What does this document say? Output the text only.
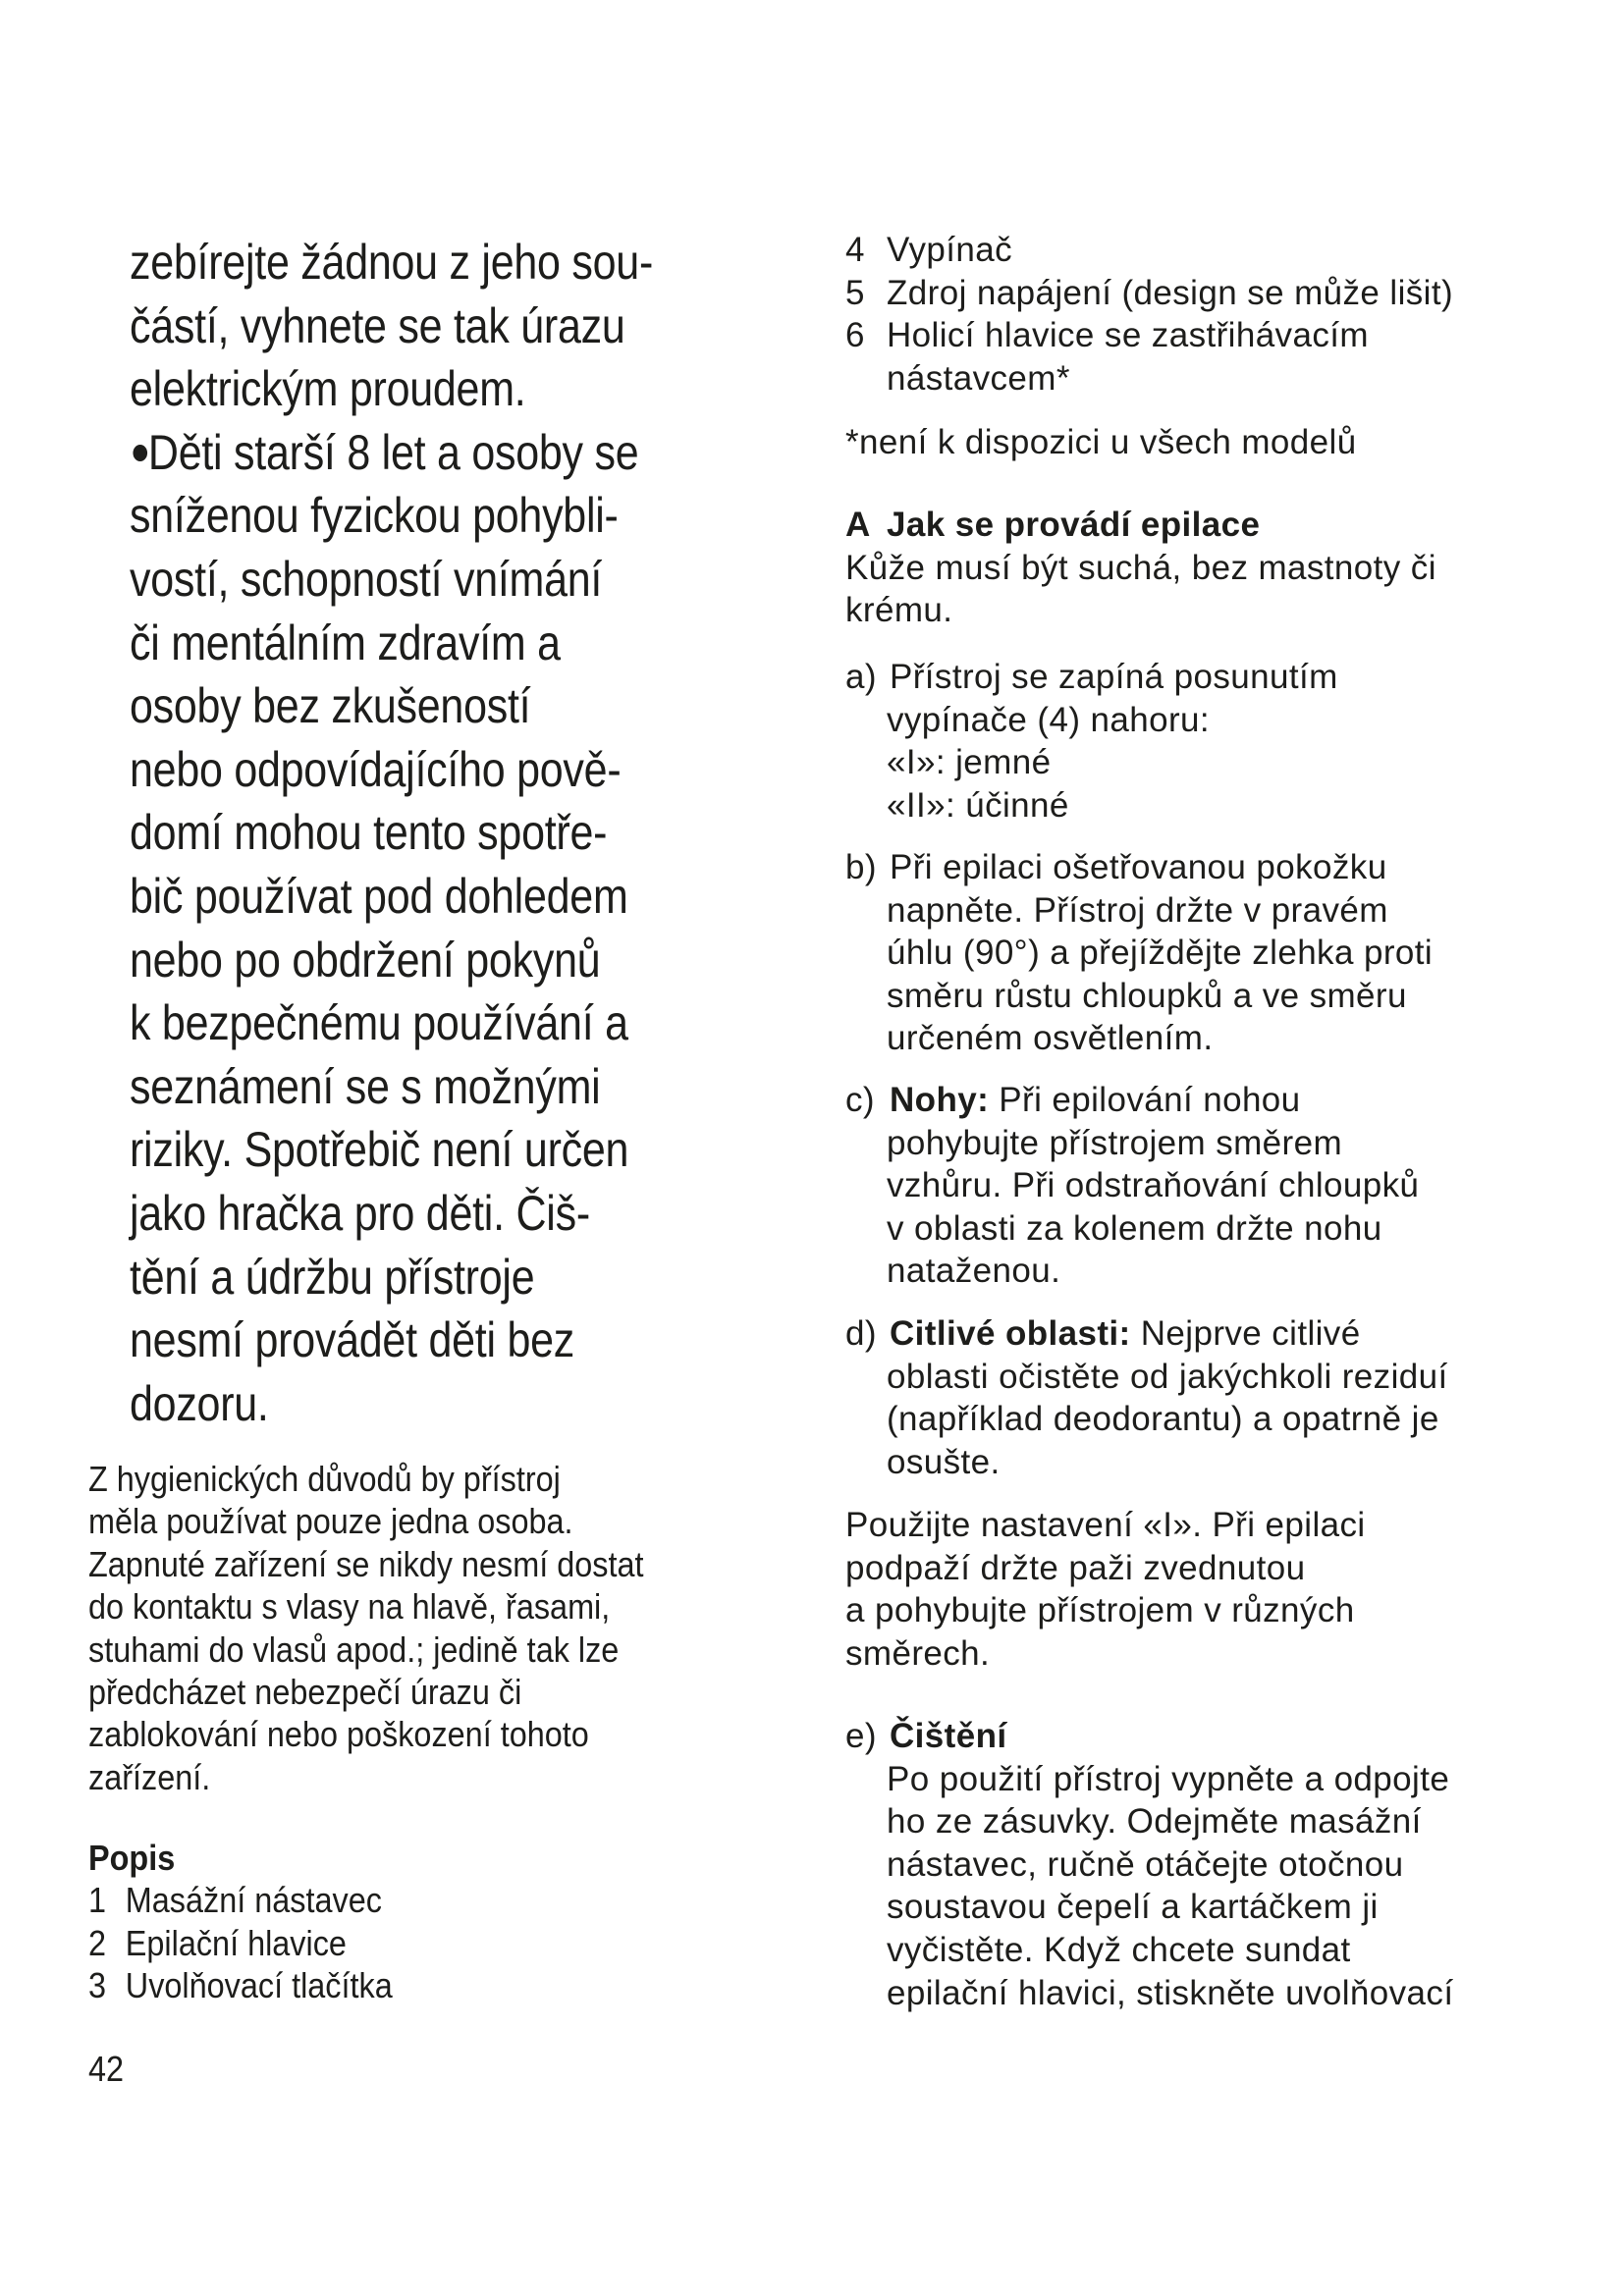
zebírejte žádnou z jeho sou-
částí, vyhnete se tak úrazu
elektrickým proudem.
Děti starší 8 let a osoby se
sníženou fyzickou pohybli-
vostí, schopností vnímání
či mentálním zdravím a
osoby bez zkušeností
nebo odpovídajícího pově-
domí mohou tento spotře-
bič používat pod dohledem
nebo po obdržení pokynů
k bezpečnému používání a
seznámení se s možnými
riziky. Spotřebič není určen
jako hračka pro děti. Čiš-
tění a údržbu přístroje
nesmí provádět děti bez
dozoru.
Z hygienických důvodů by přístroj
měla používat pouze jedna osoba.
Zapnuté zařízení se nikdy nesmí dostat
do kontaktu s vlasy na hlavě, řasami,
stuhami do vlasů apod.; jedině tak lze
předcházet nebezpečí úrazu či
zablokování nebo poškození tohoto
zařízení.
Popis
1 Masážní nástavec
2 Epilační hlavice
3 Uvolňovací tlačítka
42
4 Vypínač
5 Zdroj napájení (design se může lišit)
6 Holicí hlavice se zastřihávacím
nástavcem*
*není k dispozici u všech modelů
A Jak se provádí epilace
Kůže musí být suchá, bez mastnoty či
krému.
a) Přístroj se zapíná posunutím
vypínače (4) nahoru:
«I»: jemné
«II»: účinné
b) Při epilaci ošetřovanou pokožku
napněte. Přístroj držte v pravém
úhlu (90°) a přejíždějte zlehka proti
směru růstu chloupků a ve směru
určeném osvětlením.
c) Nohy: Při epilování nohou
pohybujte přístrojem směrem
vzhůru. Při odstraňování chloupků
v oblasti za kolenem držte nohu
nataženou.
d) Citlivé oblasti: Nejprve citlivé
oblasti očistěte od jakýchkoli reziduí
(například deodorantu) a opatrně je
osušte.
Použijte nastavení «I». Při epilaci
podpaží držte paži zvednutou
a pohybujte přístrojem v různých
směrech.
e) Čištění
Po použití přístroj vypněte a odpojte
ho ze zásuvky. Odejměte masážní
nástavec, ručně otáčejte otočnou
soustavou čepelí a kartáčkem ji
vyčistěte. Když chcete sundat
epilační hlavici, stiskněte uvolňovací
